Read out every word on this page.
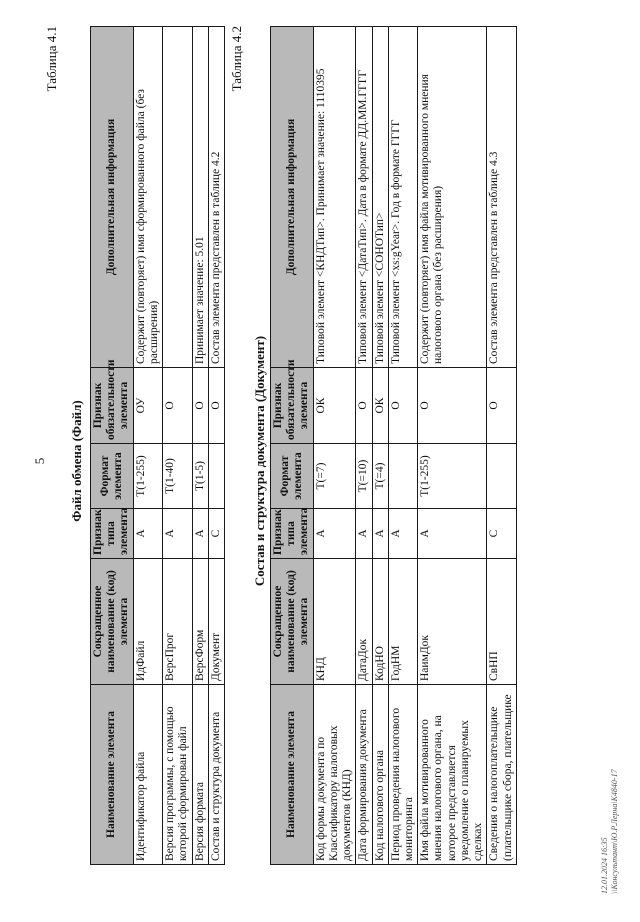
5
Таблица 4.1
Файл обмена (Файл)
Наименование элемента	Сокращенное наименование (код) элемента	Признак типа элемента	Формат элемента	Признак обязательности элемента	Дополнительная информация
Идентификатор файла	ИдФайл	А	T(1-255)	ОУ	Содержит (повторяет) имя сформированного файла (без расширения)
Версия программы, с помощью которой сформирован файл	ВерсПрог	А	T(1-40)	О	
Версия формата	ВерсФорм	А	T(1-5)	О	Принимает значение: 5.01
Состав и структура документа	Документ	С		О	Состав элемента представлен в таблице 4.2
Таблица 4.2
Состав и структура документа (Документ)
Наименование элемента	Сокращенное наименование (код) элемента	Признак типа элемента	Формат элемента	Признак обязательности элемента	Дополнительная информация
Код формы документа по Классификатору налоговых документов (КНД)	КНД	А	T(=7)	ОК	Типовой элемент <КНДТип>. Принимает значение: 1110395
Дата формирования документа	ДатаДок	А	T(=10)	О	Типовой элемент <ДатаТип>. Дата в формате ДД.ММ.ГГГГ
Код налогового органа	КодНО	А	T(=4)	ОК	Типовой элемент <СОНОТип>
Период проведения налогового мониторинга	ГодНМ	А		О	Типовой элемент <xs:gYear>. Год в формате ГГГГ
Имя файла мотивированного мнения налогового органа, на которое представляется уведомление о планируемых сделках	НаимДок	А	T(1-255)	О	Содержит (повторяет) имя файла мотивированного мнения налогового органа (без расширения)
Сведения о налогоплательщике (плательщике сбора, плательщике	СвНП	С		О	Состав элемента представлен в таблице 4.3
12.01.2024 16:35 \\Консультант\Ю.Р.Лерна\К4840-17
